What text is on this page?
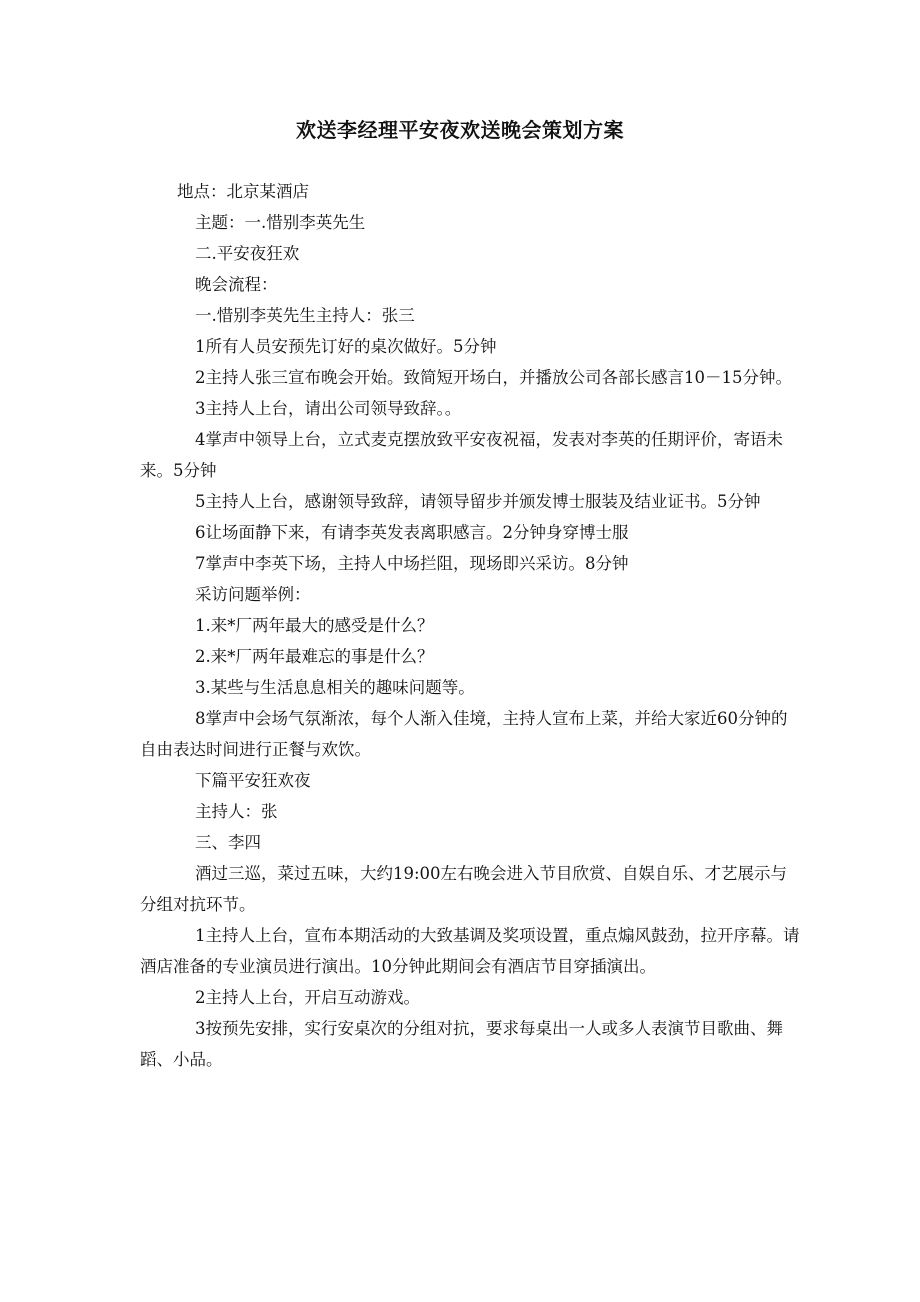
欢送李经理平安夜欢送晚会策划方案

地点：北京某酒店

主题：一.惜别李英先生

二.平安夜狂欢

晚会流程：

一.惜别李英先生主持人：张三

1所有人员安预先订好的桌次做好。5分钟

2主持人张三宣布晚会开始。致简短开场白，并播放公司各部长感言10－15分钟。

3主持人上台，请出公司领导致辞。。

4掌声中领导上台，立式麦克摆放致平安夜祝福，发表对李英的任期评价，寄语未来。5分钟

5主持人上台，感谢领导致辞，请领导留步并颁发博士服装及结业证书。5分钟

6让场面静下来，有请李英发表离职感言。2分钟身穿博士服

7掌声中李英下场，主持人中场拦阻，现场即兴采访。8分钟

采访问题举例：

1.来*厂两年最大的感受是什么？

2.来*厂两年最难忘的事是什么？

3.某些与生活息息相关的趣味问题等。

8掌声中会场气氛渐浓，每个人渐入佳境，主持人宣布上菜，并给大家近60分钟的自由表达时间进行正餐与欢饮。

下篇平安狂欢夜

主持人：张

三、李四

酒过三巡，菜过五味，大约19:00左右晚会进入节目欣赏、自娱自乐、才艺展示与分组对抗环节。

1主持人上台，宣布本期活动的大致基调及奖项设置，重点煽风鼓劲，拉开序幕。请酒店准备的专业演员进行演出。10分钟此期间会有酒店节目穿插演出。

2主持人上台，开启互动游戏。

3按预先安排，实行安桌次的分组对抗，要求每桌出一人或多人表演节目歌曲、舞蹈、小品。
